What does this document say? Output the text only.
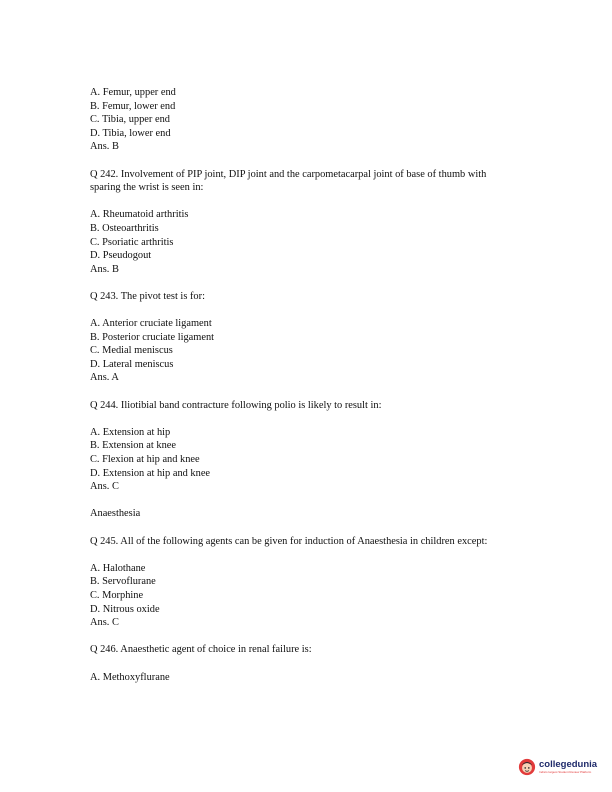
A. Femur, upper end
B. Femur, lower end
C. Tibia, upper end
D. Tibia, lower end
Ans. B
Q 242. Involvement of PIP joint, DIP joint and the carpometacarpal joint of base of thumb with sparing the wrist is seen in:
A. Rheumatoid arthritis
B. Osteoarthritis
C. Psoriatic arthritis
D. Pseudogout
Ans. B
Q 243. The pivot test is for:
A. Anterior cruciate ligament
B. Posterior cruciate ligament
C. Medial meniscus
D. Lateral meniscus
Ans. A
Q 244. Iliotibial band contracture following polio is likely to result in:
A. Extension at hip
B. Extension at knee
C. Flexion at hip and knee
D. Extension at hip and knee
Ans. C
Anaesthesia
Q 245. All of the following agents can be given for induction of Anaesthesia in children except:
A. Halothane
B. Servoflurane
C. Morphine
D. Nitrous oxide
Ans. C
Q 246. Anaesthetic agent of choice in renal failure is:
A. Methoxyflurane
collegedunia
India's largest Student Review Platform
